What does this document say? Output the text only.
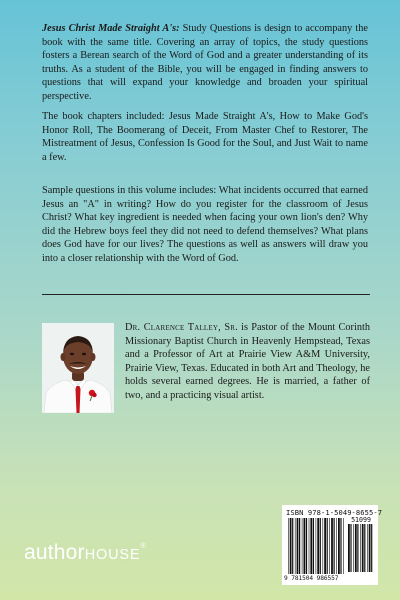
Jesus Christ Made Straight A's: Study Questions is design to accompany the book with the same title. Covering an array of topics, the study questions fosters a Berean search of the Word of God and a greater understanding of its truths. As a student of the Bible, you will be engaged in finding answers to questions that will expand your knowledge and broaden your spiritual perspective.

The book chapters included: Jesus Made Straight A's, How to Make God's Honor Roll, The Boomerang of Deceit, From Master Chef to Restorer, The Mistreatment of Jesus, Confession Is Good for the Soul, and Just Wait to name a few.

Sample questions in this volume includes: What incidents occurred that earned Jesus an "A" in writing? How do you register for the classroom of Jesus Christ? What key ingredient is needed when facing your own lion's den? Why did the Hebrew boys feel they did not need to defend themselves? What plans does God have for our lives? The questions as well as answers will draw you into a closer relationship with the Word of God.

Dr. Clarence Talley, Sr. is Pastor of the Mount Corinth Missionary Baptist Church in Heavenly Hempstead, Texas and a Professor of Art at Prairie View A&M University, Prairie View, Texas. Educated in both Art and Theology, he holds several earned degrees. He is married, a father of two, and a practicing visual artist.

ISBN 978-1-5049-8655-7
51099
9 781504 986557
authorHOUSE®
